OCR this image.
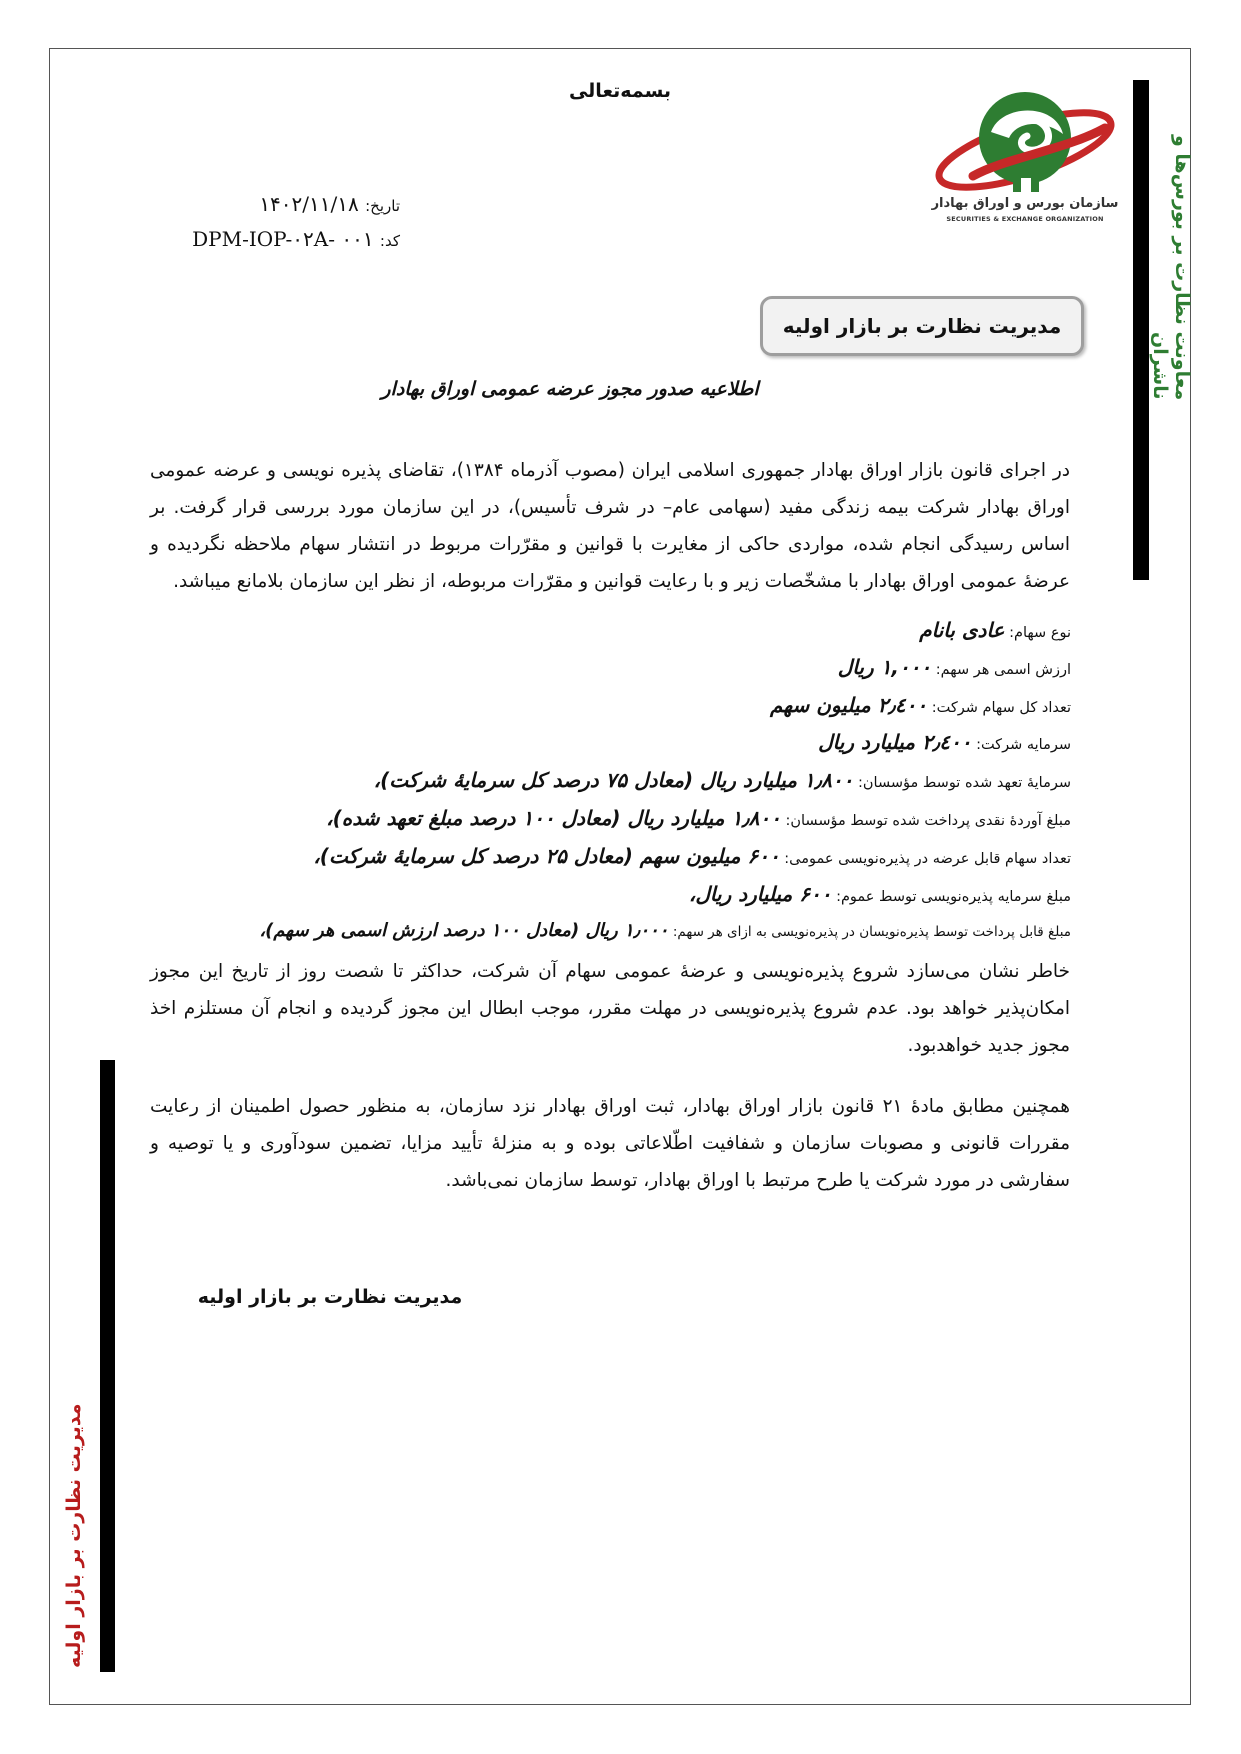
معاونت نظارت بر بورس‌ها و ناشران
مدیریت نظارت بر بازار اولیه
بسمه‌تعالی
سازمان بورس و اوراق بهادار
SECURITIES & EXCHANGE ORGANIZATION
تاریخ: ۱۴۰۲/۱۱/۱۸
کد: DPM-IOP-۰۲A- ۰۰۱
مدیریت نظارت بر بازار اولیه
اطلاعیه صدور مجوز عرضه عمومی اوراق بهادار
در اجرای قانون بازار اوراق بهادار جمهوری اسلامی ایران (مصوب آذرماه ۱۳۸۴)، تقاضای پذیره نویسی و عرضه عمومی اوراق بهادار شرکت بیمه زندگی مفید (سهامی عام– در شرف تأسیس)، در این سازمان مورد بررسی قرار گرفت. بر اساس رسیدگی انجام شده، مواردی حاکی از مغایرت با قوانین و مقرّرات مربوط در انتشار سهام ملاحظه نگردیده و عرضهٔ عمومی اوراق بهادار با مشخّصات زیر و با رعایت قوانین و مقرّرات مربوطه، از نظر این سازمان بلامانع میباشد.
نوع سهام: عادی بانام
ارزش اسمی هر سهم: ۱,۰۰۰ ریال
تعداد کل سهام شرکت: ۲٫٤۰۰ میلیون سهم
سرمایه شرکت: ۲٫٤۰۰ میلیارد ریال
سرمایهٔ تعهد شده توسط مؤسسان: ۱٫۸۰۰ میلیارد ریال (معادل ۷۵ درصد کل سرمایهٔ شرکت)،
مبلغ آوردهٔ نقدی پرداخت شده توسط مؤسسان: ۱٫۸۰۰ میلیارد ریال (معادل ۱۰۰ درصد مبلغ تعهد شده)،
تعداد سهام قابل عرضه در پذیره‌نویسی عمومی: ۶۰۰ میلیون سهم (معادل ۲۵ درصد کل سرمایهٔ شرکت)،
مبلغ سرمایه پذیره‌نویسی توسط عموم: ۶۰۰ میلیارد ریال،
مبلغ قابل پرداخت توسط پذیره‌نویسان در پذیره‌نویسی به ازای هر سهم: ۱٫۰۰۰ ریال (معادل ۱۰۰ درصد ارزش اسمی هر سهم)،
خاطر نشان می‌سازد شروع پذیره‌نویسی و عرضهٔ عمومی سهام آن شرکت، حداکثر تا شصت روز از تاریخ این مجوز امکان‌پذیر خواهد بود. عدم شروع پذیره‌نویسی در مهلت مقرر، موجب ابطال این مجوز گردیده و انجام آن مستلزم اخذ مجوز جدید خواهدبود.
همچنین مطابق مادهٔ ۲۱ قانون بازار اوراق بهادار، ثبت اوراق بهادار نزد سازمان، به منظور حصول اطمینان از رعایت مقررات قانونی و مصوبات سازمان و شفافیت اطّلاعاتی بوده و به منزلهٔ تأیید مزایا، تضمین سودآوری و یا توصیه و سفارشی در مورد شرکت یا طرح مرتبط با اوراق بهادار، توسط سازمان نمی‌باشد.
مدیریت نظارت بر بازار اولیه
